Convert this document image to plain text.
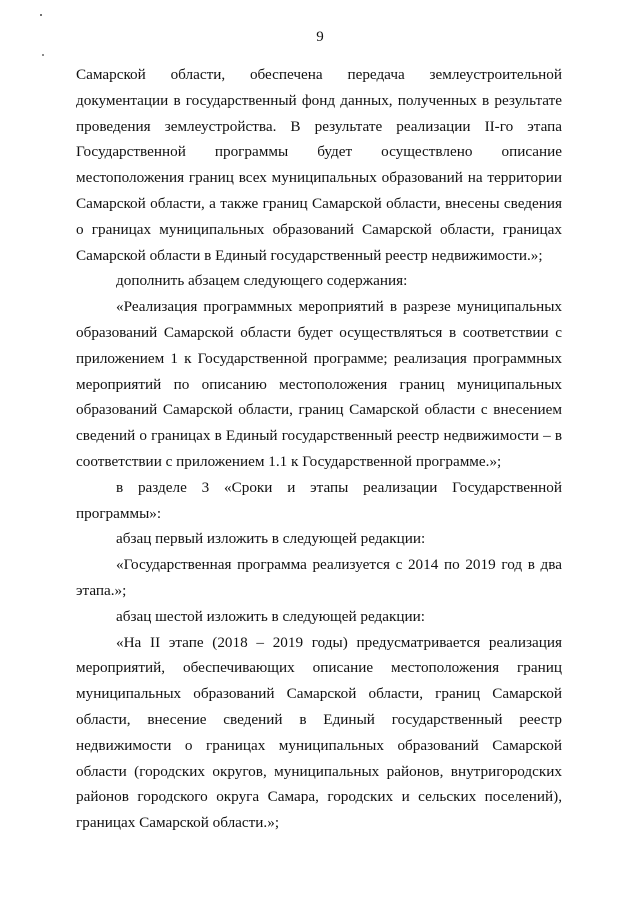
9

Самарской области, обеспечена передача землеустроительной

документации в государственный фонд данных, полученных в результате

проведения землеустройства. В результате реализации II-го этапа

Государственной программы будет осуществлено описание

местоположения границ всех муниципальных образований на территории

Самарской области, а также границ Самарской области, внесены сведения

о границах муниципальных образований Самарской области, границах

Самарской области в Единый государственный реестр недвижимости.»;

дополнить абзацем следующего содержания:

«Реализация программных мероприятий в разрезе муниципальных образований Самарской области будет осуществляться в соответствии с приложением 1 к Государственной программе; реализация программных мероприятий по описанию местоположения границ муниципальных образований Самарской области, границ Самарской области с внесением сведений о границах в Единый государственный реестр недвижимости – в соответствии с приложением 1.1 к Государственной программе.»;

в разделе 3 «Сроки и этапы реализации Государственной программы»:

абзац первый изложить в следующей редакции:

«Государственная программа реализуется с 2014 по 2019 год в два этапа.»;

абзац шестой изложить в следующей редакции:

«На II этапе (2018 – 2019 годы) предусматривается реализация мероприятий, обеспечивающих описание местоположения границ муниципальных образований Самарской области, границ Самарской области, внесение сведений в Единый государственный реестр недвижимости о границах муниципальных образований Самарской области (городских округов, муниципальных районов, внутригородских районов городского округа Самара, городских и сельских поселений), границах Самарской области.»;
